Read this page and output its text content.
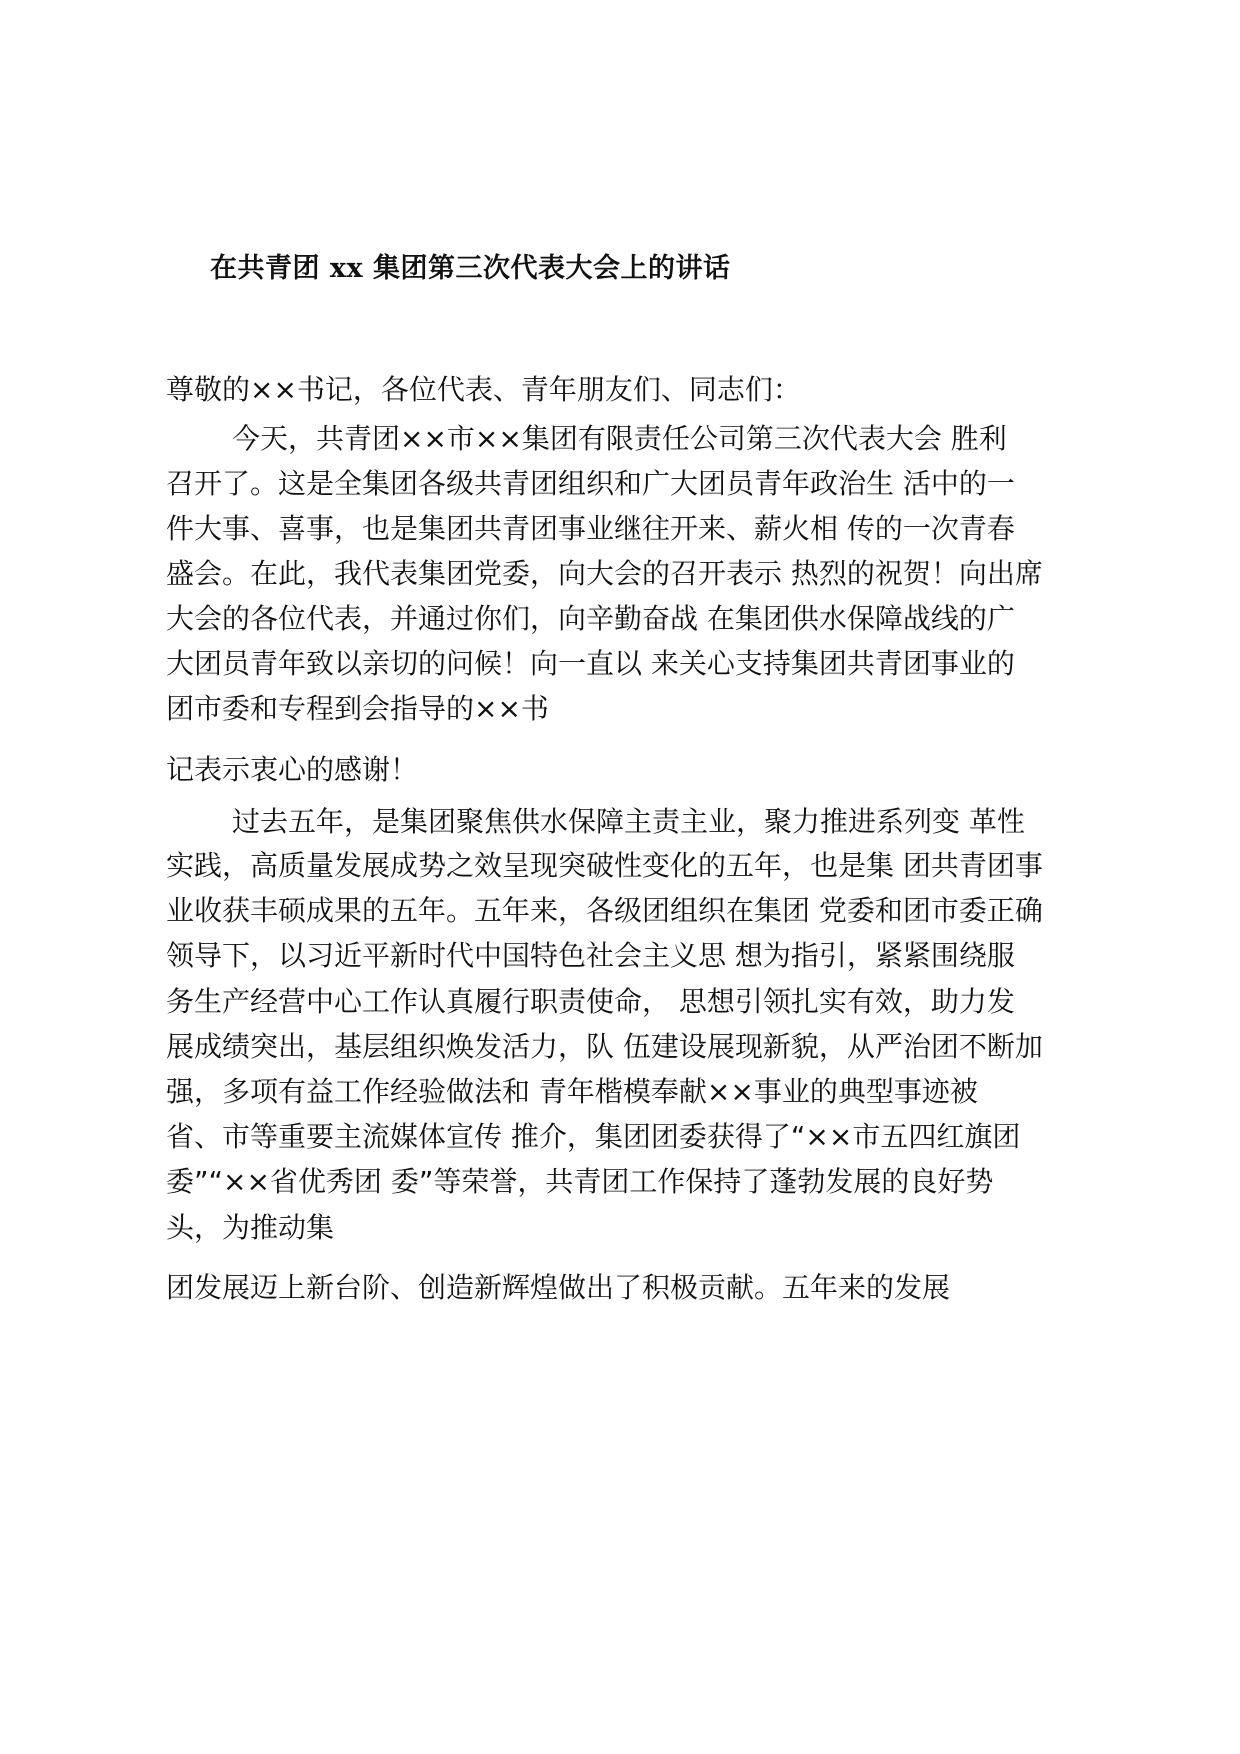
在共青团 xx 集团第三次代表大会上的讲话
尊敬的××书记，各位代表、青年朋友们、同志们：
今天，共青团××市××集团有限责任公司第三次代表大会 胜利
召开了。这是全集团各级共青团组织和广大团员青年政治生 活中的一
件大事、喜事，也是集团共青团事业继往开来、薪火相 传的一次青春
盛会。在此，我代表集团党委，向大会的召开表示 热烈的祝贺！向出席
大会的各位代表，并通过你们，向辛勤奋战 在集团供水保障战线的广
大团员青年致以亲切的问候！向一直以 来关心支持集团共青团事业的
团市委和专程到会指导的××书
记表示衷心的感谢！
过去五年，是集团聚焦供水保障主责主业，聚力推进系列变 革性
实践，高质量发展成势之效呈现突破性变化的五年，也是集 团共青团事
业收获丰硕成果的五年。五年来，各级团组织在集团 党委和团市委正确
领导下，以习近平新时代中国特色社会主义思 想为指引，紧紧围绕服
务生产经营中心工作认真履行职责使命， 思想引领扎实有效，助力发
展成绩突出，基层组织焕发活力，队 伍建设展现新貌，从严治团不断加
强，多项有益工作经验做法和 青年楷模奉献××事业的典型事迹被
省、市等重要主流媒体宣传 推介，集团团委获得了“××市五四红旗团
委”“××省优秀团 委”等荣誉，共青团工作保持了蓬勃发展的良好势
头，为推动集
团发展迈上新台阶、创造新辉煌做出了积极贡献。五年来的发展
